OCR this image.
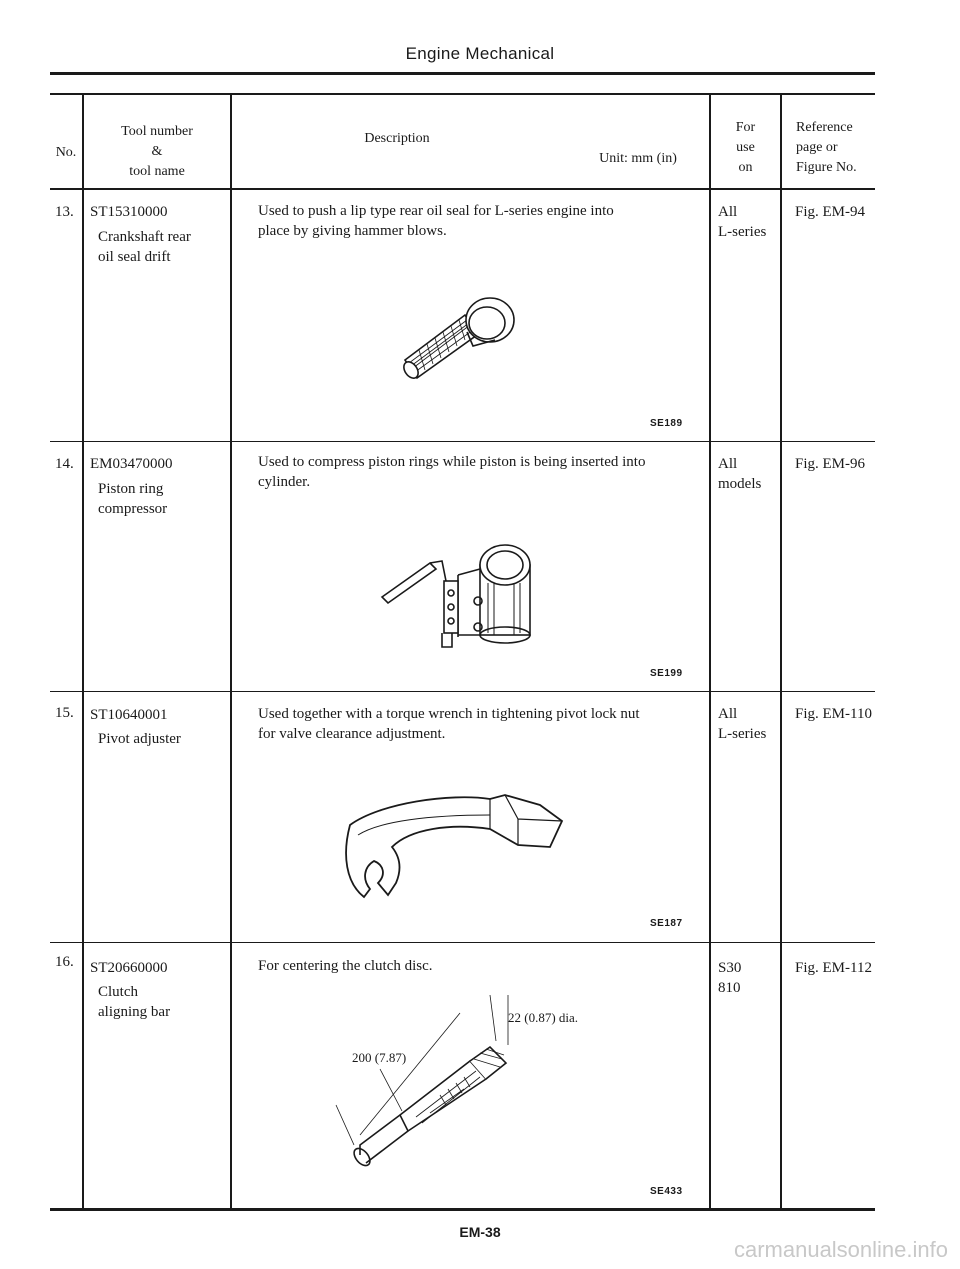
Engine Mechanical
No.
Tool number
&
tool name
Description
Unit: mm (in)
For
use
on
Reference
page or
Figure No.
13. ST15310000
Crankshaft rear
oil seal drift
Used to push a lip type rear oil seal for L-series engine into
place by giving hammer blows.
All
L-series
Fig. EM-94
SE189
14. EM03470000
Piston ring
compressor
Used to compress piston rings while piston is being inserted into
cylinder.
All
models
Fig. EM-96
SE199
15. ST10640001
Pivot adjuster
Used together with a torque wrench in tightening pivot lock nut
for valve clearance adjustment.
All
L-series
Fig. EM-110
SE187
16. ST20660000
Clutch
aligning bar
For centering the clutch disc.	S30
810
Fig. EM-112
200 (7.87)
22 (0.87) dia.
SE433
EM-38
carmanualsonline.info
